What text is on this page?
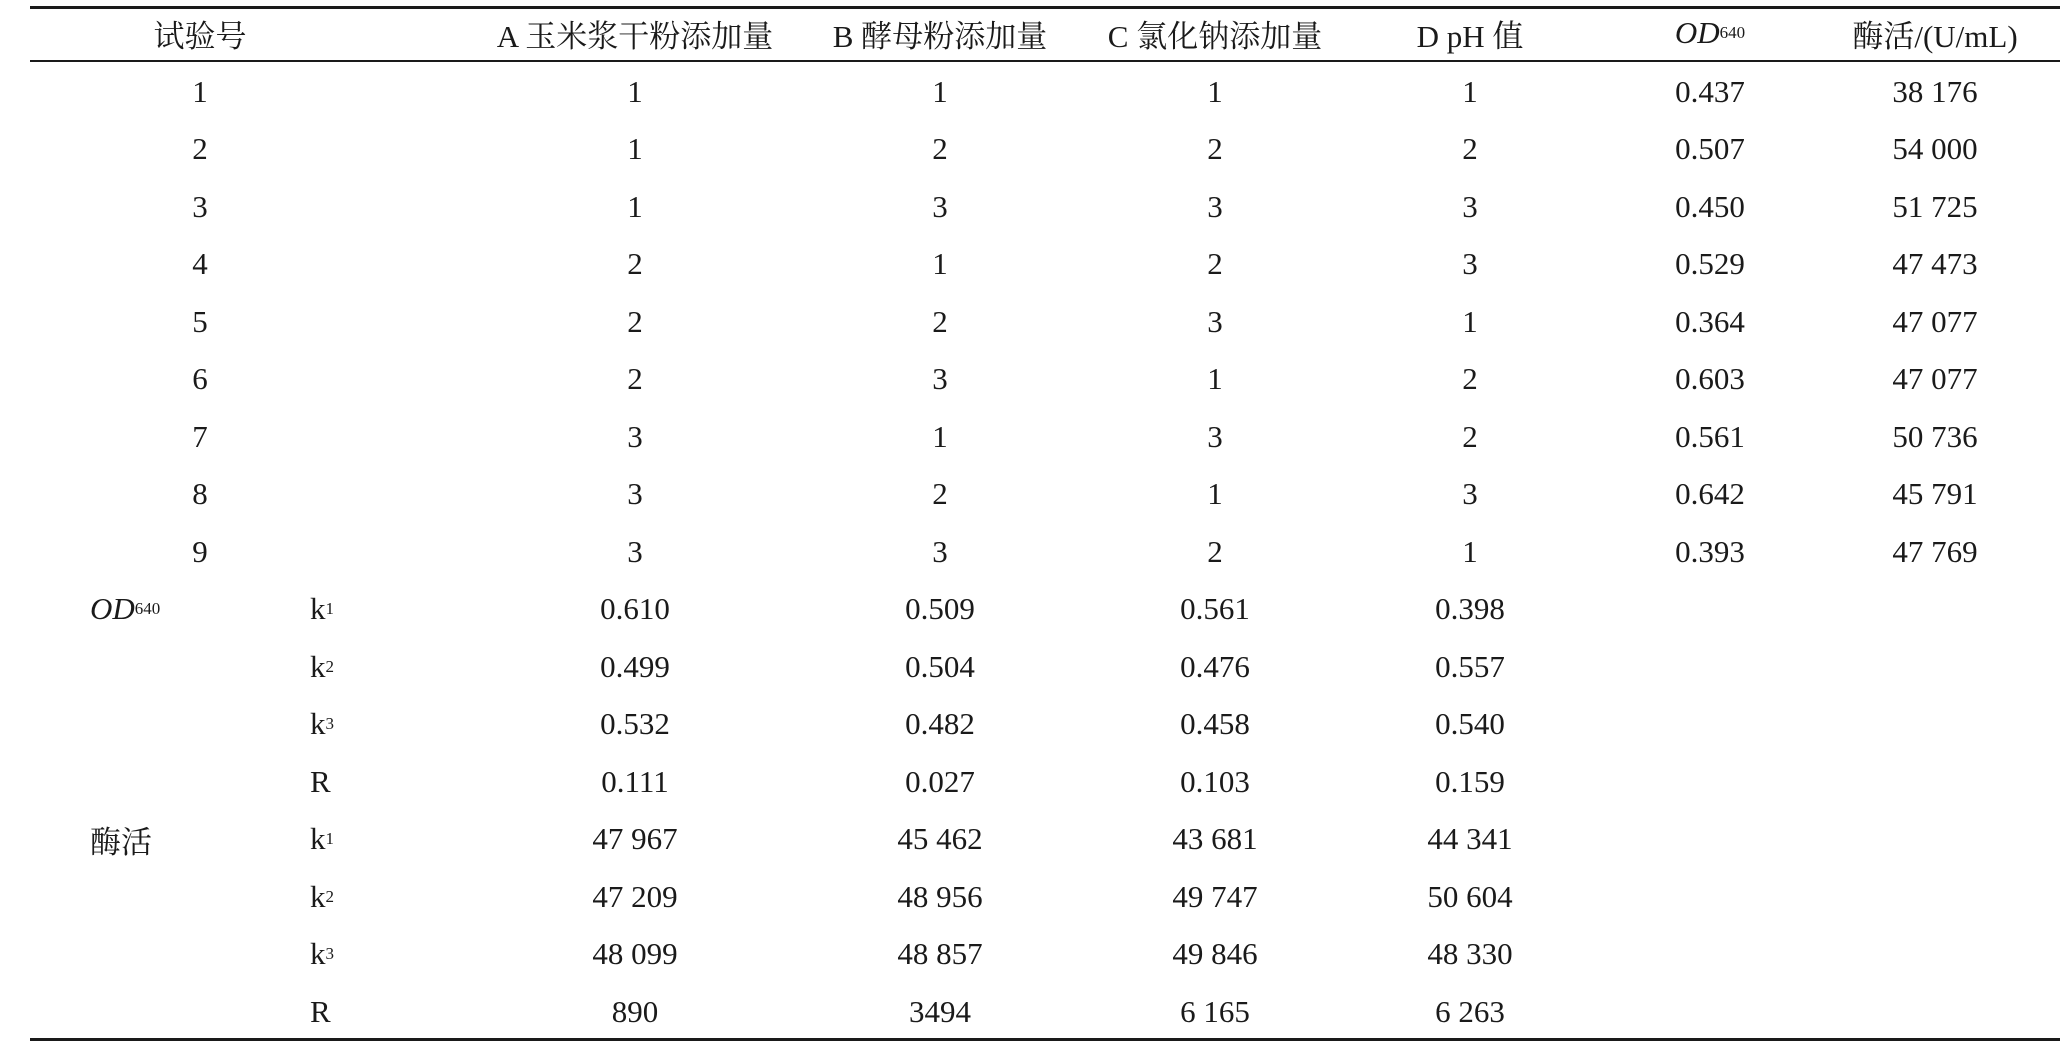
试验号	A 玉米浆干粉添加量	B 酵母粉添加量	C 氯化钠添加量	D pH 值	OD 640	酶活/(U/mL)
1	1	1	1	1	0.437	38 176
2	1	2	2	2	0.507	54 000
3	1	3	3	3	0.450	51 725
4	2	1	2	3	0.529	47 473
5	2	2	3	1	0.364	47 077
6	2	3	1	2	0.603	47 077
7	3	1	3	2	0.561	50 736
8	3	2	1	3	0.642	45 791
9	3	3	2	1	0.393	47 769
OD 640	k 1	0.610	0.509	0.561	0.398
k 2	0.499	0.504	0.476	0.557
k 3	0.532	0.482	0.458	0.540
R	0.111	0.027	0.103	0.159
酶活	k 1	47 967	45 462	43 681	44 341
k 2	47 209	48 956	49 747	50 604
k 3	48 099	48 857	49 846	48 330
R	890	3494	6 165	6 263
